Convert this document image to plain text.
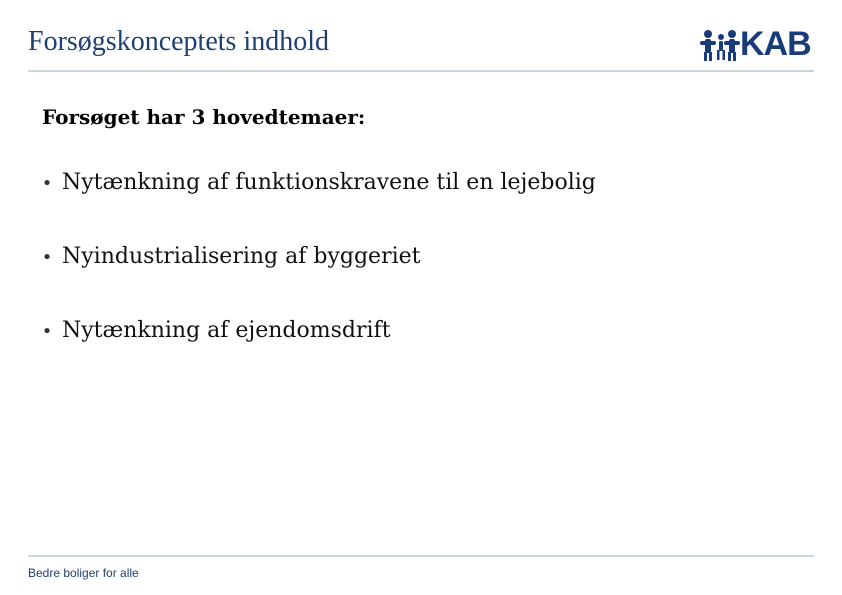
Forsøgskonceptets indhold	KAB
Forsøget har 3 hovedtemaer:
• Nytænkning af funktionskravene til en lejebolig
• Nyindustrialisering af byggeriet
• Nytænkning af ejendomsdrift
Bedre boliger for alle
